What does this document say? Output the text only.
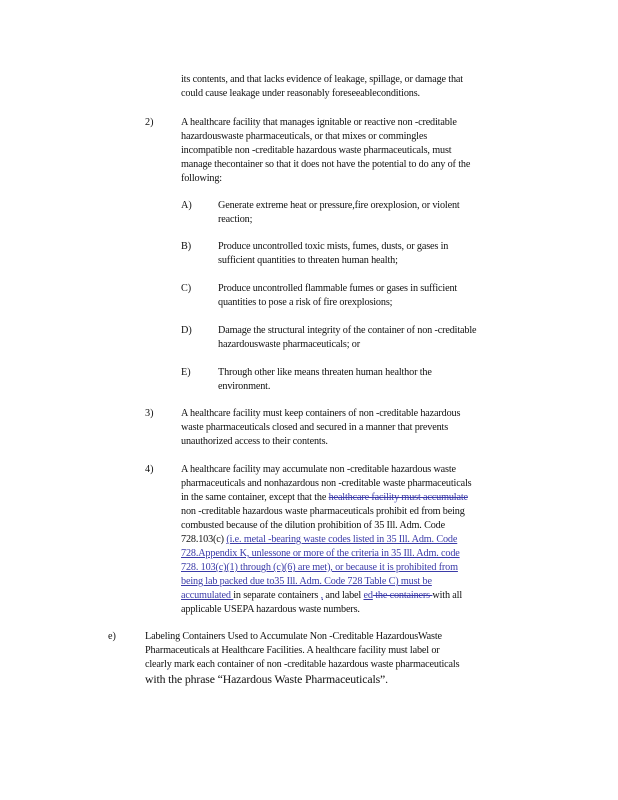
its contents, and that lacks evidence of leakage, spillage, or damage that
could cause leakage under reasonably foreseeableconditions.
2)	A healthcare facility that manages ignitable or reactive non -creditable
hazardouswaste pharmaceuticals, or that mixes or commingles
incompatible non -creditable hazardous waste pharmaceuticals, must
manage thecontainer so that it does not have the potential to do any of the
following:
A)	Generate extreme heat or pressure,fire orexplosion, or violent
reaction;
B)	Produce uncontrolled toxic mists, fumes, dusts, or gases in
sufficient quantities to threaten human health;
C)	Produce uncontrolled flammable fumes or gases in sufficient
quantities to pose a risk of fire orexplosions;
D)	Damage the structural integrity of the container of non -creditable
hazardouswaste pharmaceuticals; or
E)	Through other like means threaten human healthor the
environment.
3)	A healthcare facility must keep containers of non -creditable hazardous
waste pharmaceuticals closed and secured in a manner that prevents
unauthorized access to their contents.
4)	A healthcare facility may accumulate non -creditable hazardous waste
pharmaceuticals and nonhazardous non -creditable waste pharmaceuticals
in the same container, except that the healthcare facility must accumulate
non -creditable hazardous waste pharmaceuticals prohibit ed from being
combusted because of the dilution prohibition of 35 Ill. Adm. Code
728.103(c) (i.e. metal -bearing waste codes listed in 35 Ill. Adm. Code
728.Appendix K, unlessone or more of the criteria in 35 Ill. Adm. code
728. 103(c)(1) through (c)(6) are met), or because it is prohibited from
being lab packed due to35 Ill. Adm. Code 728 Table C) must be
accumulated in separate containers , and label ed the containers with all
applicable USEPA hazardous waste numbers.
e)	Labeling Containers Used to Accumulate Non -Creditable HazardousWaste
Pharmaceuticals at Healthcare Facilities. A healthcare facility must label or
clearly mark each container of non -creditable hazardous waste pharmaceuticals
with the phrase “Hazardous Waste Pharmaceuticals”.
